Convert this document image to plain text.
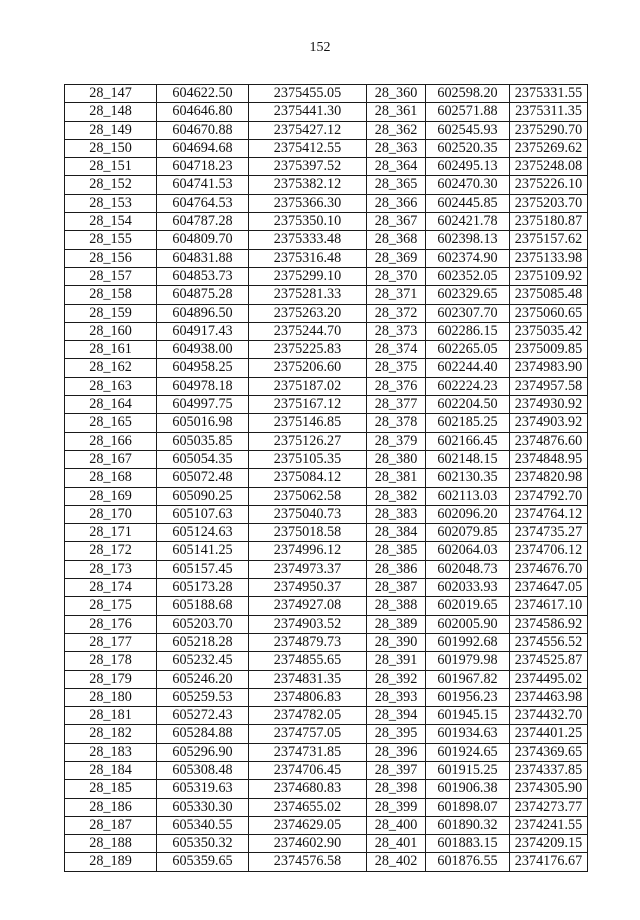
152
28_147	604622.50	2375455.05	28_360	602598.20	2375331.55
28_148	604646.80	2375441.30	28_361	602571.88	2375311.35
28_149	604670.88	2375427.12	28_362	602545.93	2375290.70
28_150	604694.68	2375412.55	28_363	602520.35	2375269.62
28_151	604718.23	2375397.52	28_364	602495.13	2375248.08
28_152	604741.53	2375382.12	28_365	602470.30	2375226.10
28_153	604764.53	2375366.30	28_366	602445.85	2375203.70
28_154	604787.28	2375350.10	28_367	602421.78	2375180.87
28_155	604809.70	2375333.48	28_368	602398.13	2375157.62
28_156	604831.88	2375316.48	28_369	602374.90	2375133.98
28_157	604853.73	2375299.10	28_370	602352.05	2375109.92
28_158	604875.28	2375281.33	28_371	602329.65	2375085.48
28_159	604896.50	2375263.20	28_372	602307.70	2375060.65
28_160	604917.43	2375244.70	28_373	602286.15	2375035.42
28_161	604938.00	2375225.83	28_374	602265.05	2375009.85
28_162	604958.25	2375206.60	28_375	602244.40	2374983.90
28_163	604978.18	2375187.02	28_376	602224.23	2374957.58
28_164	604997.75	2375167.12	28_377	602204.50	2374930.92
28_165	605016.98	2375146.85	28_378	602185.25	2374903.92
28_166	605035.85	2375126.27	28_379	602166.45	2374876.60
28_167	605054.35	2375105.35	28_380	602148.15	2374848.95
28_168	605072.48	2375084.12	28_381	602130.35	2374820.98
28_169	605090.25	2375062.58	28_382	602113.03	2374792.70
28_170	605107.63	2375040.73	28_383	602096.20	2374764.12
28_171	605124.63	2375018.58	28_384	602079.85	2374735.27
28_172	605141.25	2374996.12	28_385	602064.03	2374706.12
28_173	605157.45	2374973.37	28_386	602048.73	2374676.70
28_174	605173.28	2374950.37	28_387	602033.93	2374647.05
28_175	605188.68	2374927.08	28_388	602019.65	2374617.10
28_176	605203.70	2374903.52	28_389	602005.90	2374586.92
28_177	605218.28	2374879.73	28_390	601992.68	2374556.52
28_178	605232.45	2374855.65	28_391	601979.98	2374525.87
28_179	605246.20	2374831.35	28_392	601967.82	2374495.02
28_180	605259.53	2374806.83	28_393	601956.23	2374463.98
28_181	605272.43	2374782.05	28_394	601945.15	2374432.70
28_182	605284.88	2374757.05	28_395	601934.63	2374401.25
28_183	605296.90	2374731.85	28_396	601924.65	2374369.65
28_184	605308.48	2374706.45	28_397	601915.25	2374337.85
28_185	605319.63	2374680.83	28_398	601906.38	2374305.90
28_186	605330.30	2374655.02	28_399	601898.07	2374273.77
28_187	605340.55	2374629.05	28_400	601890.32	2374241.55
28_188	605350.32	2374602.90	28_401	601883.15	2374209.15
28_189	605359.65	2374576.58	28_402	601876.55	2374176.67
